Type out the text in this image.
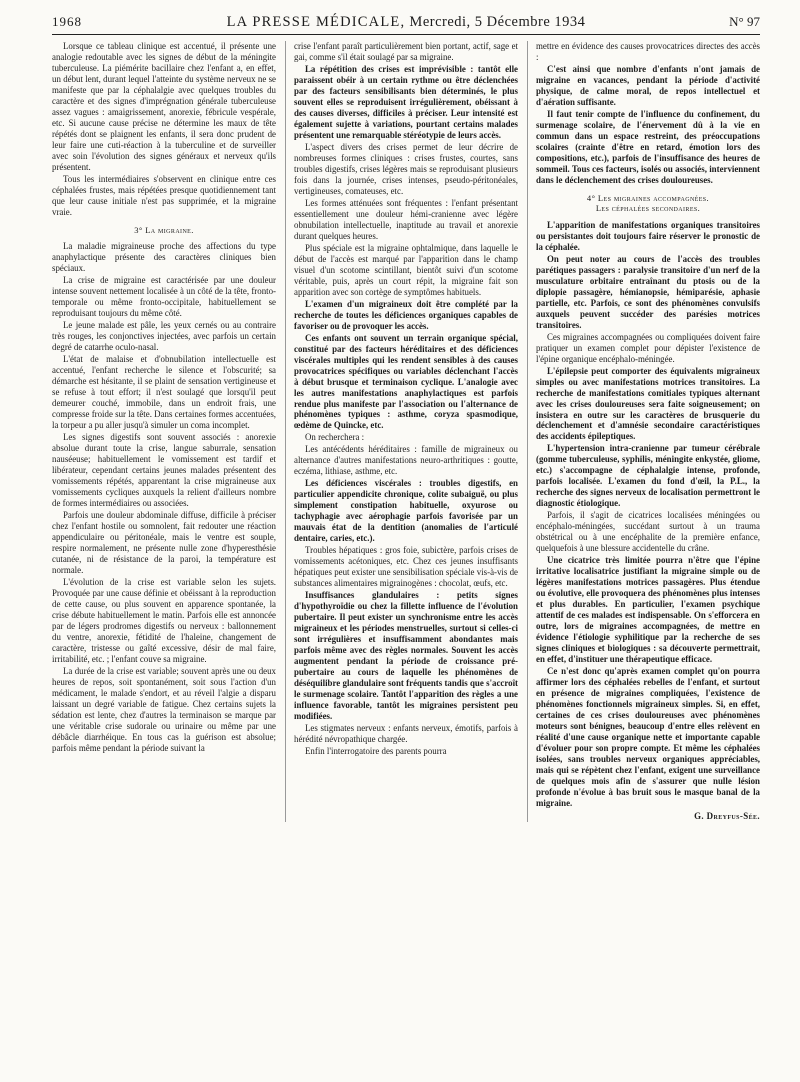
1968	LA PRESSE MÉDICALE, Mercredi, 5 Décembre 1934	N° 97

Lorsque ce tableau clinique est accentué, il présente une analogie redoutable avec les signes de début de la méningite tuberculeuse. La piémérite bacillaire chez l'enfant a, en effet, un début lent, durant lequel l'atteinte du système nerveux ne se manifeste que par la céphalalgie avec quelques troubles du caractère et des signes d'imprégnation générale tuberculeuse assez vagues : amaigrissement, anorexie, fébricule vespérale, etc. Si aucune cause précise ne détermine les maux de tête répétés dont se plaignent les enfants, il sera donc prudent de leur faire une cuti-réaction à la tuberculine et de surveiller avec soin l'évolution des signes généraux et nerveux qu'ils présentent.

Tous les intermédiaires s'observent en clinique entre ces céphalées frustes, mais répétées presque quotidiennement tant que leur cause initiale n'est pas supprimée, et la migraine vraie.

3° La migraine.

La maladie migraineuse proche des affections du type anaphylactique présente des caractères cliniques bien spéciaux.

La crise de migraine est caractérisée par une douleur intense souvent nettement localisée à un côté de la tête, fronto-temporale ou même fronto-occipitale, habituellement se reproduisant toujours du même côté.

Le jeune malade est pâle, les yeux cernés ou au contraire très rouges, les conjonctives injectées, avec parfois un certain degré de catarrhe oculo-nasal.

L'état de malaise et d'obnubilation intellectuelle est accentué, l'enfant recherche le silence et l'obscurité; sa démarche est hésitante, il se plaint de sensation vertigineuse et se refuse à tout effort; il n'est soulagé que lorsqu'il peut demeurer couché, immobile, dans un endroit frais, une compresse froide sur la tête. Dans certaines formes accentuées, la torpeur a pu aller jusqu'à simuler un coma incomplet.

Les signes digestifs sont souvent associés : anorexie absolue durant toute la crise, langue saburrale, sensation nauséeuse; habituellement le vomissement est tardif et libérateur, cependant certains jeunes malades présentent des vomissements répétés, apparentant la crise migraineuse aux vomissements cycliques auxquels la relient d'ailleurs nombre de formes intermédiaires ou associées.

Parfois une douleur abdominale diffuse, difficile à préciser chez l'enfant hostile ou somnolent, fait redouter une réaction appendiculaire ou péritonéale, mais le ventre est souple, respire normalement, ne présente nulle zone d'hyperesthésie cutanée, ni de résistance de la paroi, la température est normale.

L'évolution de la crise est variable selon les sujets. Provoquée par une cause définie et obéissant à la reproduction de cette cause, ou plus souvent en apparence spontanée, la crise débute habituellement le matin. Parfois elle est annoncée par de légers prodromes digestifs ou nerveux : ballonnement du ventre, anorexie, fétidité de l'haleine, changement de caractère, tristesse ou gaîté excessive, désir de mal faire, irritabilité, etc. ; l'enfant couve sa migraine.

La durée de la crise est variable; souvent après une ou deux heures de repos, soit spontanément, soit sous l'action d'un médicament, le malade s'endort, et au réveil l'algie a disparu laissant un degré variable de fatigue. Chez certains sujets la sédation est lente, chez d'autres la terminaison se marque par une véritable crise sudorale ou urinaire ou même par une débâcle diarrhéique. En tous cas la guérison est absolue; parfois même pendant la période suivant la

crise l'enfant paraît particulièrement bien portant, actif, sage et gai, comme s'il était soulagé par sa migraine.

La répétition des crises est imprévisible : tantôt elle paraissent obéir à un certain rythme ou être déclenchées par des facteurs sensibilisants bien déterminés, le plus souvent elles se reproduisent irrégulièrement, obéissant à des causes diverses, difficiles à préciser. Leur intensité est également sujette à variations, pourtant certains malades présentent une remarquable stéréotypie de leurs accès.

L'aspect divers des crises permet de leur décrire de nombreuses formes cliniques : crises frustes, courtes, sans troubles digestifs, crises légères mais se reproduisant plusieurs fois dans la journée, crises intenses, pseudo-péritonéales, vertigineuses, comateuses, etc.

Les formes atténuées sont fréquentes : l'enfant présentant essentiellement une douleur hémi-cranienne avec légère obnubilation intellectuelle, inaptitude au travail et anorexie durant quelques heures.

Plus spéciale est la migraine ophtalmique, dans laquelle le début de l'accès est marqué par l'apparition dans le champ visuel d'un scotome scintillant, bientôt suivi d'un scotome véritable, puis, après un court répit, la migraine fait son apparition avec son cortège de symptômes habituels.

L'examen d'un migraineux doit être complété par la recherche de toutes les déficiences organiques capables de favoriser ou de provoquer les accès.

Ces enfants ont souvent un terrain organique spécial, constitué par des facteurs héréditaires et des déficiences viscérales multiples qui les rendent sensibles à des causes provocatrices spécifiques ou variables déclenchant l'accès à début brusque et terminaison cyclique. L'analogie avec les autres manifestations anaphylactiques est parfois rendue plus manifeste par l'association ou l'alternance de phénomènes typiques : asthme, coryza spasmodique, œdème de Quincke, etc.

On recherchera :

Les antécédents héréditaires : famille de migraineux ou alternance d'autres manifestations neuro-arthritiques : goutte, eczéma, lithiase, asthme, etc.

Les déficiences viscérales : troubles digestifs, en particulier appendicite chronique, colite subaiguë, ou plus simplement constipation habituelle, oxyurose ou tachyphagie avec aérophagie parfois favorisée par un mauvais état de la dentition (anomalies de l'articulé dentaire, caries, etc.).

Troubles hépatiques : gros foie, subictère, parfois crises de vomissements acétoniques, etc. Chez ces jeunes insuffisants hépatiques peut exister une sensibilisation spéciale vis-à-vis de substances alimentaires migrainogènes : chocolat, œufs, etc.

Insuffisances glandulaires : petits signes d'hypothyroïdie ou chez la fillette influence de l'évolution pubertaire. Il peut exister un synchronisme entre les accès migraineux et les périodes menstruelles, surtout si celles-ci sont irrégulières et insuffisamment abondantes mais parfois même avec des règles normales. Souvent les accès augmentent pendant la période de croissance pré-pubertaire au cours de laquelle les phénomènes de déséquilibre glandulaire sont fréquents tandis que s'accroît le surmenage scolaire. Tantôt l'apparition des règles a une influence favorable, tantôt les migraines persistent peu modifiées.

Les stigmates nerveux : enfants nerveux, émotifs, parfois à hérédité névropathique chargée.

Enfin l'interrogatoire des parents pourra

mettre en évidence des causes provocatrices directes des accès :

C'est ainsi que nombre d'enfants n'ont jamais de migraine en vacances, pendant la période d'activité physique, de calme moral, de repos intellectuel et d'aération suffisante.

Il faut tenir compte de l'influence du confinement, du surmenage scolaire, de l'énervement dû à la vie en commun dans un espace restreint, des préoccupations scolaires (crainte d'être en retard, émotion lors des compositions, etc.), parfois de l'insuffisance des heures de sommeil. Tous ces facteurs, isolés ou associés, interviennent dans le déclenchement des crises douloureuses.

4° Les migraines accompagnées.
Les céphalées secondaires.

L'apparition de manifestations organiques transitoires ou persistantes doit toujours faire réserver le pronostic de la céphalée.

On peut noter au cours de l'accès des troubles parétiques passagers : paralysie transitoire d'un nerf de la musculature orbitaire entraînant du ptosis ou de la diplopie passagère, hémianopsie, hémiparésie, aphasie partielle, etc. Parfois, ce sont des phénomènes convulsifs auxquels peuvent succéder des parésies motrices transitoires.

Ces migraines accompagnées ou compliquées doivent faire pratiquer un examen complet pour dépister l'existence de l'épine organique encéphalo-méningée.

L'épilepsie peut comporter des équivalents migraineux simples ou avec manifestations motrices transitoires. La recherche de manifestations comitiales typiques alternant avec les crises douloureuses sera faite soigneusement; on insistera en outre sur les caractères de brusquerie du déclenchement et d'amnésie secondaire caractéristiques des accidents épileptiques.

L'hypertension intra-cranienne par tumeur cérébrale (gomme tuberculeuse, syphilis, méningite enkystée, gliome, etc.) s'accompagne de céphalalgie intense, profonde, parfois localisée. L'examen du fond d'œil, la P.L., la recherche des signes nerveux de localisation permettront le diagnostic étiologique.

Parfois, il s'agit de cicatrices localisées méningées ou encéphalo-méningées, succédant surtout à un trauma obstétrical ou à une encéphalite de la première enfance, quelquefois à une blessure accidentelle du crâne.

Une cicatrice très limitée pourra n'être que l'épine irritative localisatrice justifiant la migraine simple ou de légères manifestations motrices passagères. Plus étendue ou évolutive, elle provoquera des phénomènes plus intenses et plus durables. En particulier, l'examen psychique attentif de ces malades est indispensable. On s'efforcera en outre, lors de migraines accompagnées, de mettre en évidence l'étiologie syphilitique par la recherche de ses signes cliniques et biologiques : sa découverte permettrait, en effet, d'instituer une thérapeutique efficace.

Ce n'est donc qu'après examen complet qu'on pourra affirmer lors des céphalées rebelles de l'enfant, et surtout en présence de migraines compliquées, l'existence de phénomènes fonctionnels migraineux simples. Si, en effet, certaines de ces crises douloureuses avec phénomènes moteurs sont bénignes, beaucoup d'entre elles relèvent en réalité d'une cause organique nette et importante capable d'évoluer pour son propre compte. Et même les céphalées isolées, sans troubles nerveux organiques appréciables, mais qui se répètent chez l'enfant, exigent une surveillance de quelques mois afin de s'assurer que nulle lésion profonde n'évolue à bas bruit sous le masque banal de la migraine.

G. Dreyfus-Sée.
